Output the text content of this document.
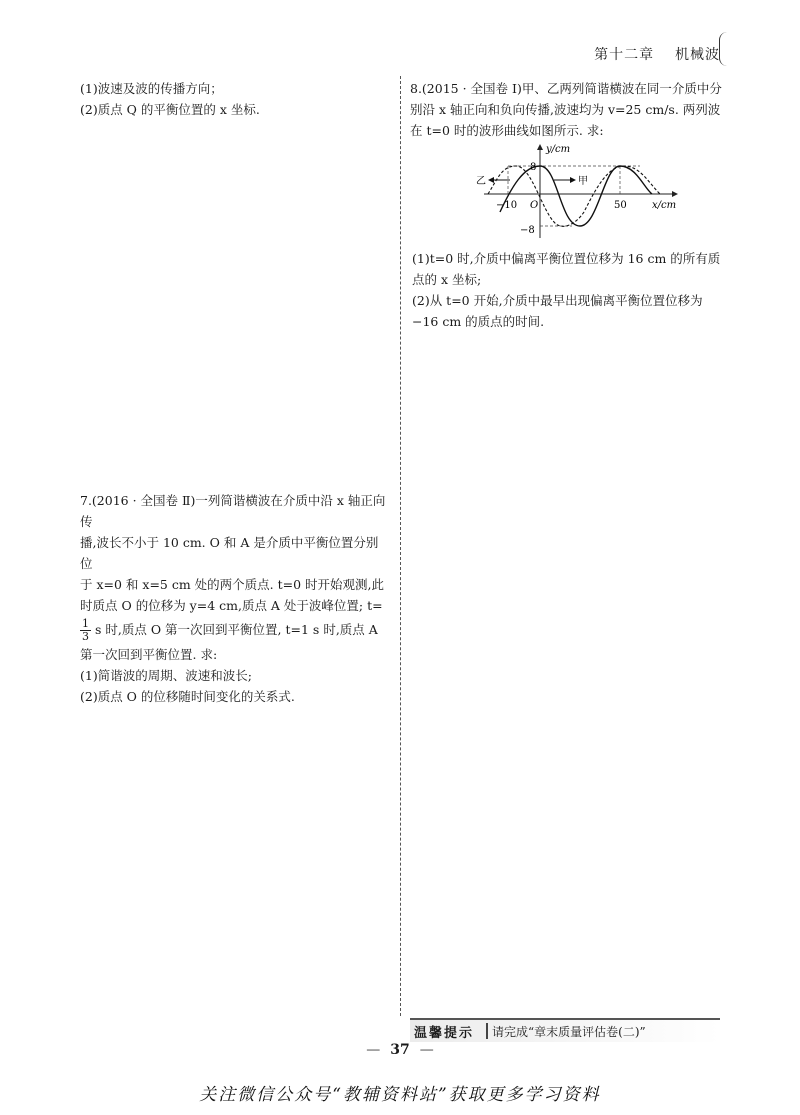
第十二章 机械波

(1)波速及波的传播方向；

(2)质点 Q 的平衡位置的 x 坐标.

7.(2016 · 全国卷 Ⅱ)一列简谐横波在介质中沿 x 轴正向传

播,波长不小于 10 cm. O 和 A 是介质中平衡位置分别位

于 x=0 和 x=5 cm 处的两个质点. t=0 时开始观测,此

时质点 O 的位移为 y=4 cm,质点 A 处于波峰位置; t=

$\frac{1}{3}$ s 时,质点 O 第一次回到平衡位置, t=1 s 时,质点 A

第一次回到平衡位置. 求:

(1)简谐波的周期、波速和波长;

(2)质点 O 的位移随时间变化的关系式.

8.(2015 · 全国卷 Ⅰ)甲、乙两列简谐横波在同一介质中分

别沿 x 轴正向和负向传播,波速均为 v=25 cm/s. 两列波

在 t=0 时的波形曲线如图所示. 求:

y/cm
x/cm
8
−8
−10 O	50
甲
乙

(1)t=0 时,介质中偏离平衡位置位移为 16 cm 的所有质

点的 x 坐标;

(2)从 t=0 开始,介质中最早出现偏离平衡位置位移为

−16 cm 的质点的时间.

温馨提示 请完成“章末质量评估卷(二)”
— 37 —
关注微信公众号“教辅资料站”获取更多学习资料
